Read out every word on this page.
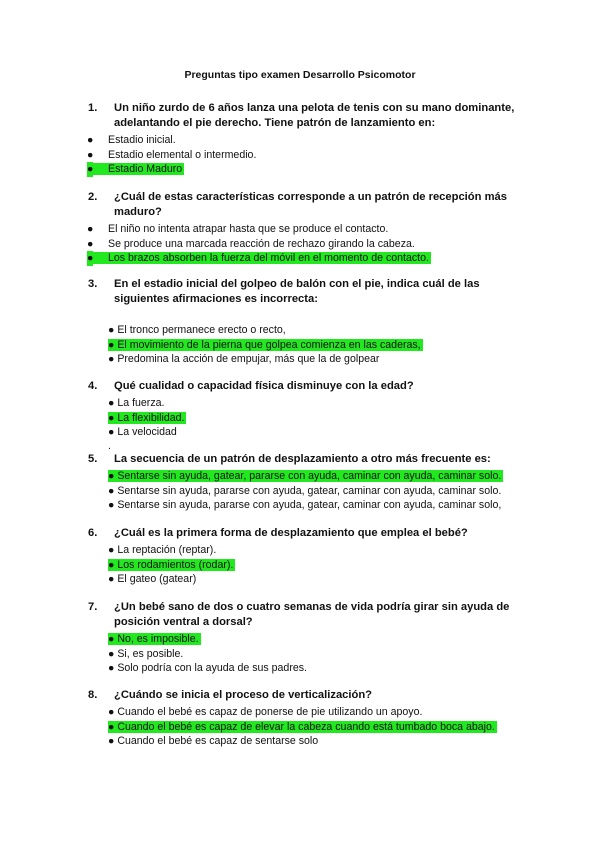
Preguntas tipo examen Desarrollo Psicomotor
1.	Un niño zurdo de 6 años lanza una pelota de tenis con su mano dominante, adelantando el pie derecho. Tiene patrón de lanzamiento en:
● Estadio inicial.
● Estadio elemental o intermedio.
● Estadio Maduro
2.	¿Cuál de estas características corresponde a un patrón de recepción más maduro?
● El niño no intenta atrapar hasta que se produce el contacto.
● Se produce una marcada reacción de rechazo girando la cabeza.
● Los brazos absorben la fuerza del móvil en el momento de contacto.
3.	En el estadio inicial del golpeo de balón con el pie, indica cuál de las siguientes afirmaciones es incorrecta:
● El tronco permanece erecto o recto,
● El movimiento de la pierna que golpea comienza en las caderas,
● Predomina la acción de empujar, más que la de golpear
4.	Qué cualidad o capacidad física disminuye con la edad?
● La fuerza.
● La flexibilidad.
● La velocidad
.
5.	La secuencia de un patrón de desplazamiento a otro más frecuente es:
● Sentarse sin ayuda, gatear, pararse con ayuda, caminar con ayuda, caminar solo.
● Sentarse sin ayuda, pararse con ayuda, gatear, caminar con ayuda, caminar solo.
● Sentarse sin ayuda, pararse con ayuda, gatear, caminar con ayuda, caminar solo,
6.	¿Cuál es la primera forma de desplazamiento que emplea el bebé?
● La reptación (reptar).
● Los rodamientos (rodar).
● El gateo (gatear)
7.	¿Un bebé sano de dos o cuatro semanas de vida podría girar sin ayuda de posición ventral a dorsal?
● No, es imposible.
● Si, es posible.
● Solo podría con la ayuda de sus padres.
8.	¿Cuándo se inicia el proceso de verticalización?
● Cuando el bebé es capaz de ponerse de pie utilizando un apoyo.
● Cuando el bebé es capaz de elevar la cabeza cuando está tumbado boca abajo.
● Cuando el bebé es capaz de sentarse solo
